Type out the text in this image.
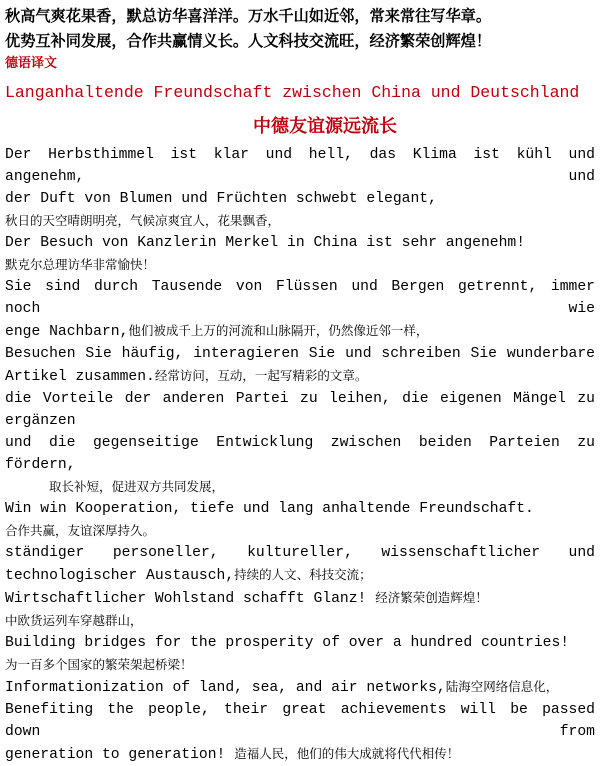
秋高气爽花果香，默总访华喜洋洋。万水千山如近邻，常来常往写华章。
优势互补同发展，合作共赢情义长。人文科技交流旺，经济繁荣创辉煌！
德语译文
Langanhaltende Freundschaft zwischen China und Deutschland
中德友谊源远流长

Der Herbsthimmel ist klar und hell, das Klima ist kühl und angenehm, und

der Duft von Blumen und Früchten schwebt elegant,

秋日的天空晴朗明亮，气候凉爽宜人，花果飘香，

Der Besuch von Kanzlerin Merkel in China ist sehr angenehm!

默克尔总理访华非常愉快！

Sie sind durch Tausende von Flüssen und Bergen getrennt, immer noch wie

enge Nachbarn,他们被成千上万的河流和山脉隔开，仍然像近邻一样，

Besuchen Sie häufig, interagieren Sie und schreiben Sie wunderbare

Artikel zusammen.经常访问，互动，一起写精彩的文章。

die Vorteile der anderen Partei zu leihen, die eigenen Mängel zu ergänzen

und die gegenseitige Entwicklung zwischen beiden Parteien zu fördern,

取长补短，促进双方共同发展，

Win win Kooperation, tiefe und lang anhaltende Freundschaft.

合作共赢，友谊深厚持久。

ständiger personeller, kultureller, wissenschaftlicher und

technologischer Austausch,持续的人文、科技交流；

Wirtschaftlicher Wohlstand schafft Glanz! 经济繁荣创造辉煌！

中欧货运列车穿越群山，

Building bridges for the prosperity of over a hundred countries!

为一百多个国家的繁荣架起桥梁！

Informationization of land, sea, and air networks,陆海空网络信息化，

Benefiting the people, their great achievements will be passed down from

generation to generation! 造福人民，他们的伟大成就将代代相传！
